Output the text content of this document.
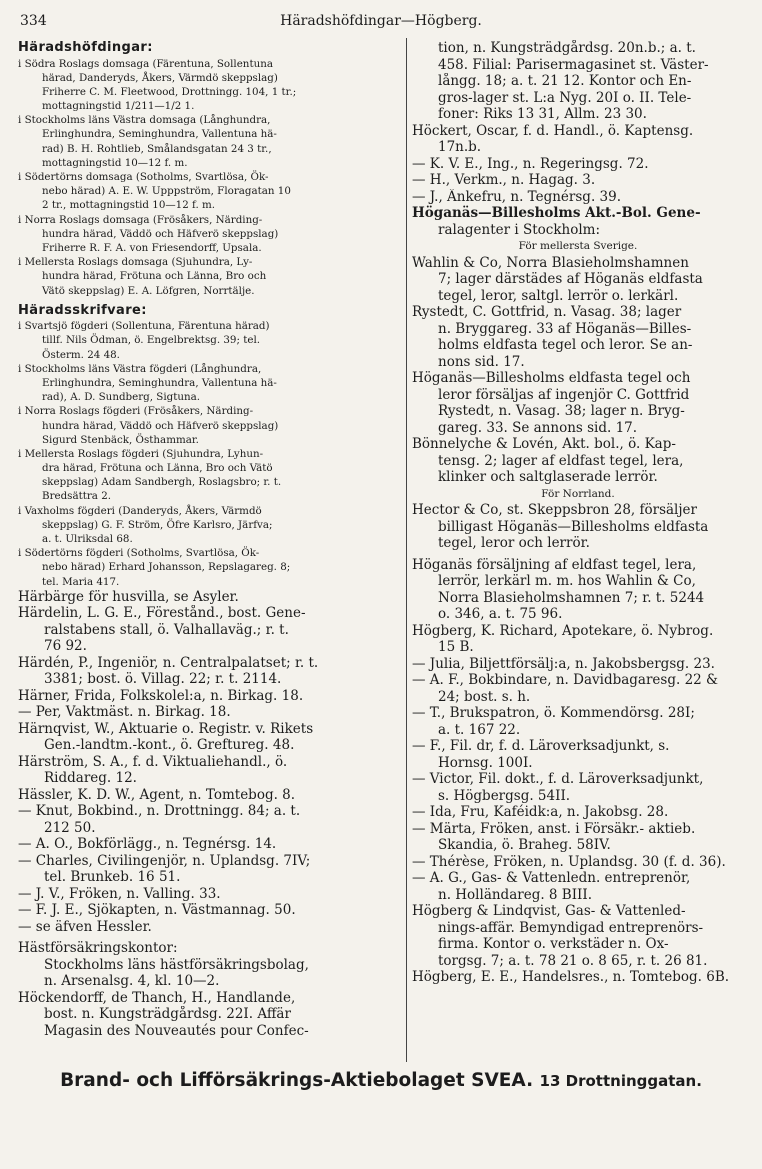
334	Häradshöfdingar—Högberg.
Häradshöfdingar:
i Södra Roslags domsaga (Färentuna, Sollentuna
härad, Danderyds, Åkers, Värmdö skeppslag)
Friherre C. M. Fleetwood, Drottningg. 104, 1 tr.;
mottagningstid 1/211—1/2 1.
i Stockholms läns Västra domsaga (Långhundra,
Erlinghundra, Seminghundra, Vallentuna hä-
rad) B. H. Rohtlieb, Smålandsgatan 24 3 tr.,
mottagningstid 10—12 f. m.
i Södertörns domsaga (Sotholms, Svartlösa, Ök-
nebo härad) A. E. W. Upppström, Floragatan 10
2 tr., mottagningstid 10—12 f. m.
i Norra Roslags domsaga (Frösåkers, Närding-
hundra härad, Väddö och Häfverö skeppslag)
Friherre R. F. A. von Friesendorff, Upsala.
i Mellersta Roslags domsaga (Sjuhundra, Ly-
hundra härad, Frötuna och Länna, Bro och
Vätö skeppslag) E. A. Löfgren, Norrtälje.
Häradsskrifvare:
i Svartsjö fögderi (Sollentuna, Färentuna härad)
tillf. Nils Ödman, ö. Engelbrektsg. 39; tel.
Österm. 24 48.
i Stockholms läns Västra fögderi (Långhundra,
Erlinghundra, Seminghundra, Vallentuna hä-
rad), A. D. Sundberg, Sigtuna.
i Norra Roslags fögderi (Frösåkers, Närding-
hundra härad, Väddö och Häfverö skeppslag)
Sigurd Stenbäck, Östhammar.
i Mellersta Roslags fögderi (Sjuhundra, Lyhun-
dra härad, Frötuna och Länna, Bro och Vätö
skeppslag) Adam Sandbergh, Roslagsbro; r. t.
Bredsättra 2.
i Vaxholms fögderi (Danderyds, Åkers, Värmdö
skeppslag) G. F. Ström, Öfre Karlsro, Järfva;
a. t. Ulriksdal 68.
i Södertörns fögderi (Sotholms, Svartlösa, Ök-
nebo härad) Erhard Johansson, Repslagareg. 8;
tel. Maria 417.
Härbärge för husvilla, se Asyler.
Härdelin, L. G. E., Förestånd., bost. Gene-
ralstabens stall, ö. Valhallaväg.; r. t.
76 92.
Härdén, P., Ingeniör, n. Centralpalatset; r. t.
3381; bost. ö. Villag. 22; r. t. 2114.
Härner, Frida, Folkskolel:a, n. Birkag. 18.
— Per, Vaktmäst. n. Birkag. 18.
Härnqvist, W., Aktuarie o. Registr. v. Rikets
Gen.-landtm.-kont., ö. Greftureg. 48.
Härström, S. A., f. d. Viktualiehandl., ö.
Riddareg. 12.
Hässler, K. D. W., Agent, n. Tomtebog. 8.
— Knut, Bokbind., n. Drottningg. 84; a. t.
212 50.
— A. O., Bokförlägg., n. Tegnérsg. 14.
— Charles, Civilingenjör, n. Uplandsg. 7IV;
tel. Brunkeb. 16 51.
— J. V., Fröken, n. Valling. 33.
— F. J. E., Sjökapten, n. Västmannag. 50.
— se äfven Hessler.
Hästförsäkringskontor:
Stockholms läns hästförsäkringsbolag,
n. Arsenalsg. 4, kl. 10—2.
Höckendorff, de Thanch, H., Handlande,
bost. n. Kungsträdgårdsg. 22I. Affär
Magasin des Nouveautés pour Confec-
tion, n. Kungsträdgårdsg. 20n.b.; a. t.
458. Filial: Parisermagasinet st. Väster-
långg. 18; a. t. 21 12. Kontor och En-
gros-lager st. L:a Nyg. 20I o. II. Tele-
foner: Riks 13 31, Allm. 23 30.
Höckert, Oscar, f. d. Handl., ö. Kaptensg.
17n.b.
— K. V. E., Ing., n. Regeringsg. 72.
— H., Verkm., n. Hagag. 3.
— J., Änkefru, n. Tegnérsg. 39.
Höganäs—Billesholms Akt.-Bol. Gene-
ralagenter i Stockholm:
För mellersta Sverige.
Wahlin & Co, Norra Blasieholmshamnen
7; lager därstädes af Höganäs eldfasta
tegel, leror, saltgl. lerrör o. lerkärl.
Rystedt, C. Gottfrid, n. Vasag. 38; lager
n. Bryggareg. 33 af Höganäs—Billes-
holms eldfasta tegel och leror. Se an-
nons sid. 17.
Höganäs—Billesholms eldfasta tegel och
leror försäljas af ingenjör C. Gottfrid
Rystedt, n. Vasag. 38; lager n. Bryg-
gareg. 33. Se annons sid. 17.
Bönnelyche & Lovén, Akt. bol., ö. Kap-
tensg. 2; lager af eldfast tegel, lera,
klinker och saltglaserade lerrör.
För Norrland.
Hector & Co, st. Skeppsbron 28, försäljer
billigast Höganäs—Billesholms eldfasta
tegel, leror och lerrör.
Höganäs försäljning af eldfast tegel, lera,
lerrör, lerkärl m. m. hos Wahlin & Co,
Norra Blasieholmshamnen 7; r. t. 5244
o. 346, a. t. 75 96.
Högberg, K. Richard, Apotekare, ö. Nybrog.
15 B.
— Julia, Biljettförsälj:a, n. Jakobsbergsg. 23.
— A. F., Bokbindare, n. Davidbagaresg. 22 &
24; bost. s. h.
— T., Brukspatron, ö. Kommendörsg. 28I;
a. t. 167 22.
— F., Fil. dr, f. d. Läroverksadjunkt, s.
Hornsg. 100I.
— Victor, Fil. dokt., f. d. Läroverksadjunkt,
s. Högbergsg. 54II.
— Ida, Fru, Kaféidk:a, n. Jakobsg. 28.
— Märta, Fröken, anst. i Försäkr.- aktieb.
Skandia, ö. Braheg. 58IV.
— Thérèse, Fröken, n. Uplandsg. 30 (f. d. 36).
— A. G., Gas- & Vattenledn. entreprenör,
n. Holländareg. 8 BIII.
Högberg & Lindqvist, Gas- & Vattenled-
nings-affär. Bemyndigad entreprenörs-
firma. Kontor o. verkstäder n. Ox-
torgsg. 7; a. t. 78 21 o. 8 65, r. t. 26 81.
Högberg, E. E., Handelsres., n. Tomtebog. 6B.
Brand- och Lifförsäkrings-Aktiebolaget SVEA. 13 Drottninggatan.
